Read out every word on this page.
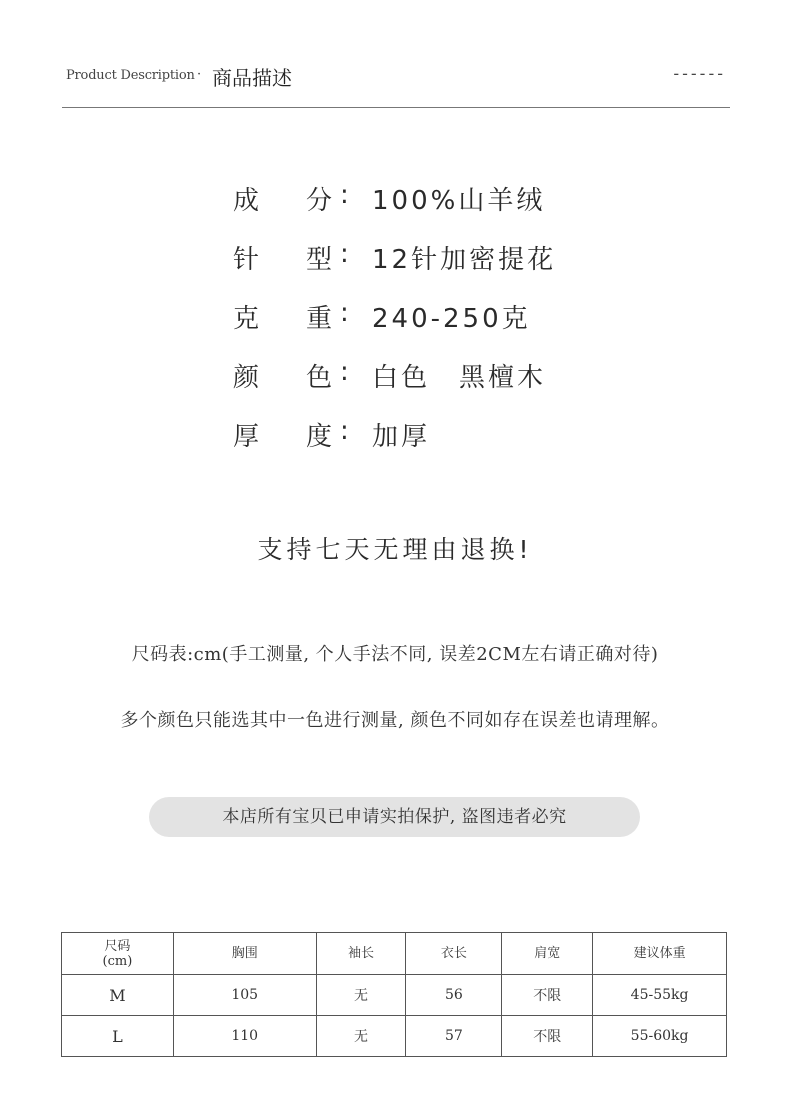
Product Description · 商品描述	------
成 分 : 100%山羊绒
针 型 : 12针加密提花
克 重 : 240-250克
颜 色 : 白色　黑檀木
厚 度 : 加厚
支持七天无理由退换!
尺码表:cm(手工测量, 个人手法不同, 误差2CM左右请正确对待)
多个颜色只能选其中一色进行测量, 颜色不同如存在误差也请理解。
本店所有宝贝已申请实拍保护, 盗图违者必究
尺码
(cm)	胸围	袖长	衣长	肩宽	建议体重
M	105	无	56	不限	45-55kg
L	110	无	57	不限	55-60kg
